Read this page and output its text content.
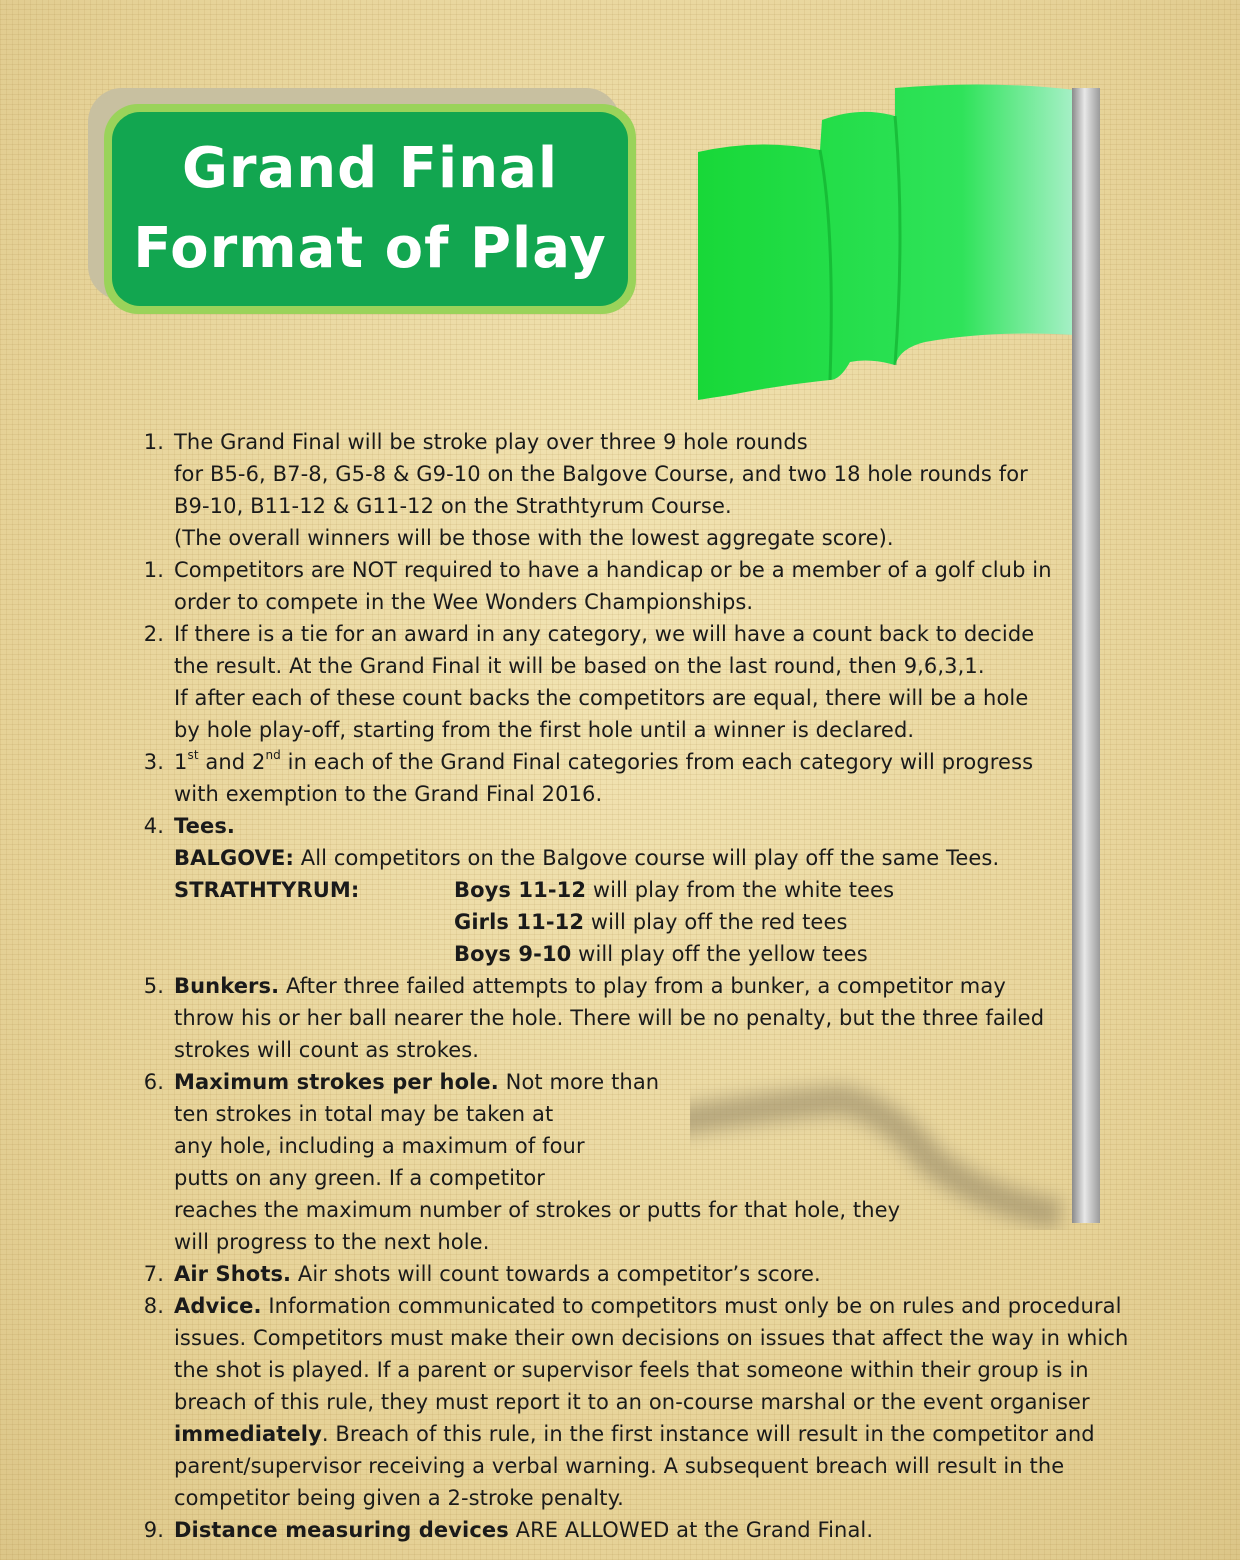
Grand Final
Format of Play
1. The Grand Final will be stroke play over three 9 hole rounds

for B5-6, B7-8, G5-8 & G9-10 on the Balgove Course, and two 18 hole rounds for

B9-10, B11-12 & G11-12 on the Strathtyrum Course.

(The overall winners will be those with the lowest aggregate score).

1. Competitors are NOT required to have a handicap or be a member of a golf club in

order to compete in the Wee Wonders Championships.

2. If there is a tie for an award in any category, we will have a count back to decide

the result. At the Grand Final it will be based on the last round, then 9,6,3,1.

If after each of these count backs the competitors are equal, there will be a hole

by hole play-off, starting from the first hole until a winner is declared.

3. 1st and 2nd in each of the Grand Final categories from each category will progress

with exemption to the Grand Final 2016.

4. Tees.

BALGOVE: All competitors on the Balgove course will play off the same Tees.

STRATHTYRUM:	Boys 11-12 will play from the white tees
Girls 11-12 will play off the red tees
Boys 9-10 will play off the yellow tees
5. Bunkers. After three failed attempts to play from a bunker, a competitor may

throw his or her ball nearer the hole. There will be no penalty, but the three failed

strokes will count as strokes.

6. Maximum strokes per hole. Not more than

ten strokes in total may be taken at

any hole, including a maximum of four

putts on any green. If a competitor

reaches the maximum number of strokes or putts for that hole, they

will progress to the next hole.

7. Air Shots. Air shots will count towards a competitor’s score.

8. Advice. Information communicated to competitors must only be on rules and procedural

issues. Competitors must make their own decisions on issues that affect the way in which

the shot is played. If a parent or supervisor feels that someone within their group is in

breach of this rule, they must report it to an on-course marshal or the event organiser

immediately. Breach of this rule, in the first instance will result in the competitor and

parent/supervisor receiving a verbal warning. A subsequent breach will result in the

competitor being given a 2-stroke penalty.

9. Distance measuring devices ARE ALLOWED at the Grand Final.
